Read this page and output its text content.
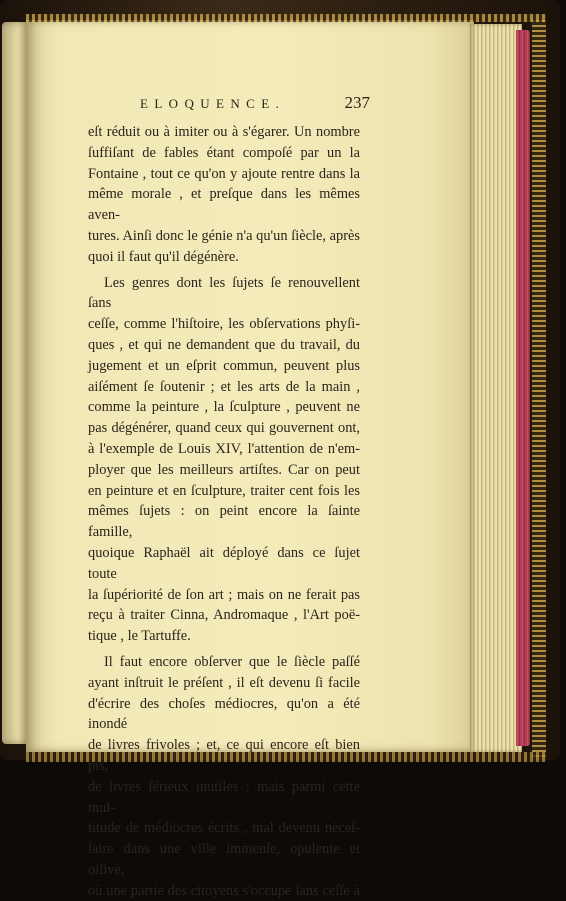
ELOQUENCE.	237

eſt réduit ou à imiter ou à s'égarer. Un nombre

ſuffiſant de fables étant compoſé par un la

Fontaine , tout ce qu'on y ajoute rentre dans la

même morale , et preſque dans les mêmes aven-

tures. Ainſi donc le génie n'a qu'un ſiècle, après

quoi il faut qu'il dégénère.

Les genres dont les ſujets ſe renouvellent ſans

ceſſe, comme l'hiſtoire, les obſervations phyſi-

ques , et qui ne demandent que du travail, du

jugement et un eſprit commun, peuvent plus

aiſément ſe ſoutenir ; et les arts de la main ,

comme la peinture , la ſculpture , peuvent ne

pas dégénérer, quand ceux qui gouvernent ont,

à l'exemple de Louis XIV, l'attention de n'em-

ployer que les meilleurs artiſtes. Car on peut

en peinture et en ſculpture, traiter cent fois les

mêmes ſujets : on peint encore la ſainte famille,

quoique Raphaël ait déployé dans ce ſujet toute

la ſupériorité de ſon art ; mais on ne ferait pas

reçu à traiter Cinna, Andromaque , l'Art poë-

tique , le Tartuffe.

Il faut encore obſerver que le ſiècle paſſé

ayant inſtruit le préſent , il eſt devenu ſi facile

d'écrire des choſes médiocres, qu'on a été inondé

de livres frivoles ; et, ce qui encore eſt bien pis,

de livres ſérieux inutiles : mais parmi cette mul-

titude de médiocres écrits , mal devenu néceſ-

ſaire dans une ville immenſe, opulente et oiſive,

où une partie des citoyens s'occupe ſans ceſſe à
